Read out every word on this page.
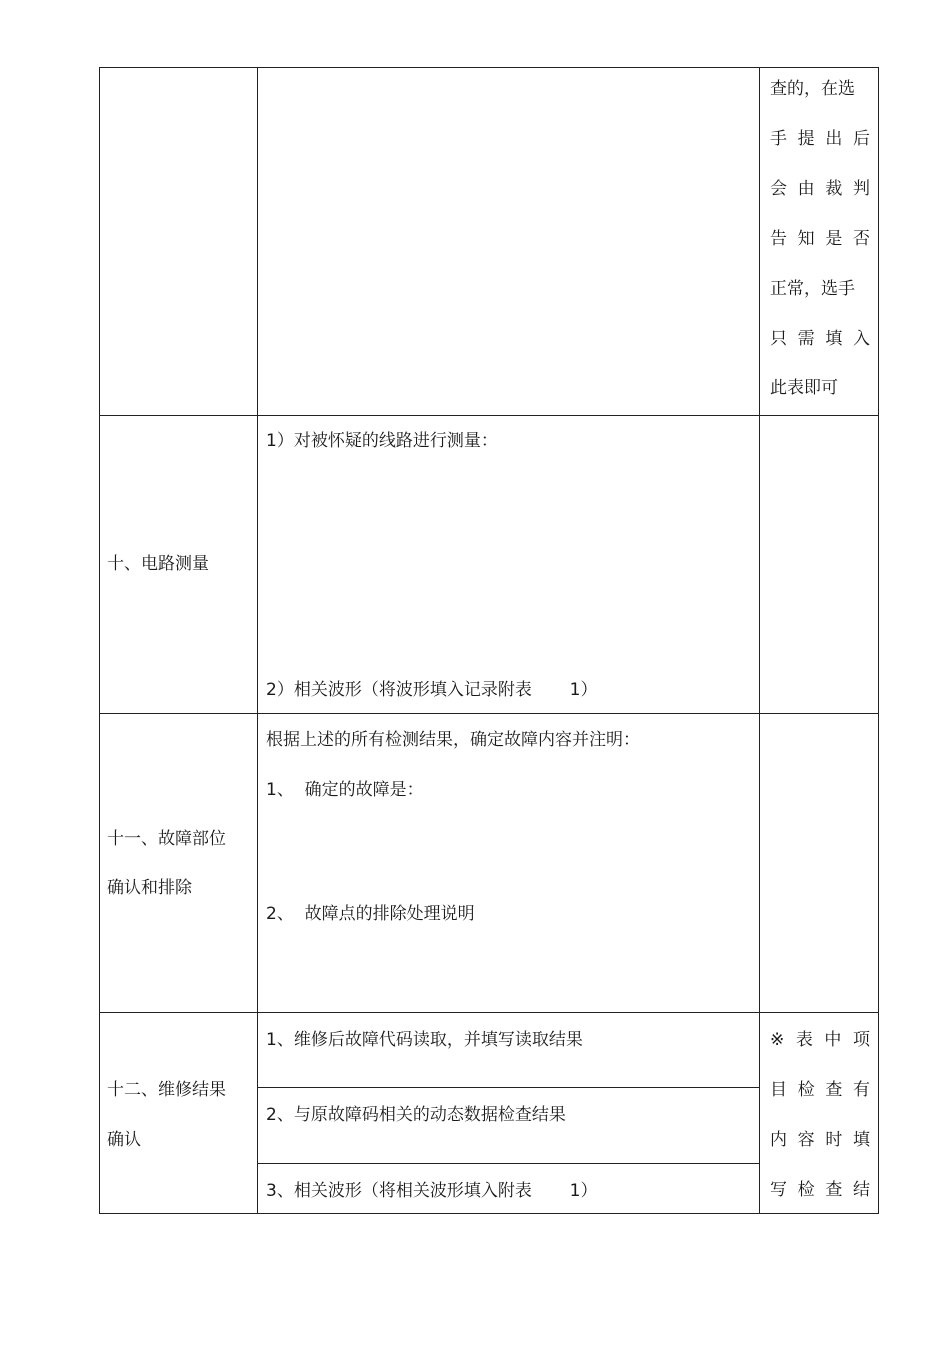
查的，在选
手提出后
会由裁判
告知是否
正常，选手
只需填入
此表即可
十、电路测量
1）对被怀疑的线路进行测量：
2）相关波形（将波形填入记录附表       1）
十一、故障部位
确认和排除
根据上述的所有检测结果，确定故障内容并注明：
1、  确定的故障是：
2、  故障点的排除处理说明
十二、维修结果
确认
1、维修后故障代码读取，并填写读取结果
2、与原故障码相关的动态数据检查结果
3、相关波形（将相关波形填入附表       1）
※表中项
目检查有
内容时填
写检查结
